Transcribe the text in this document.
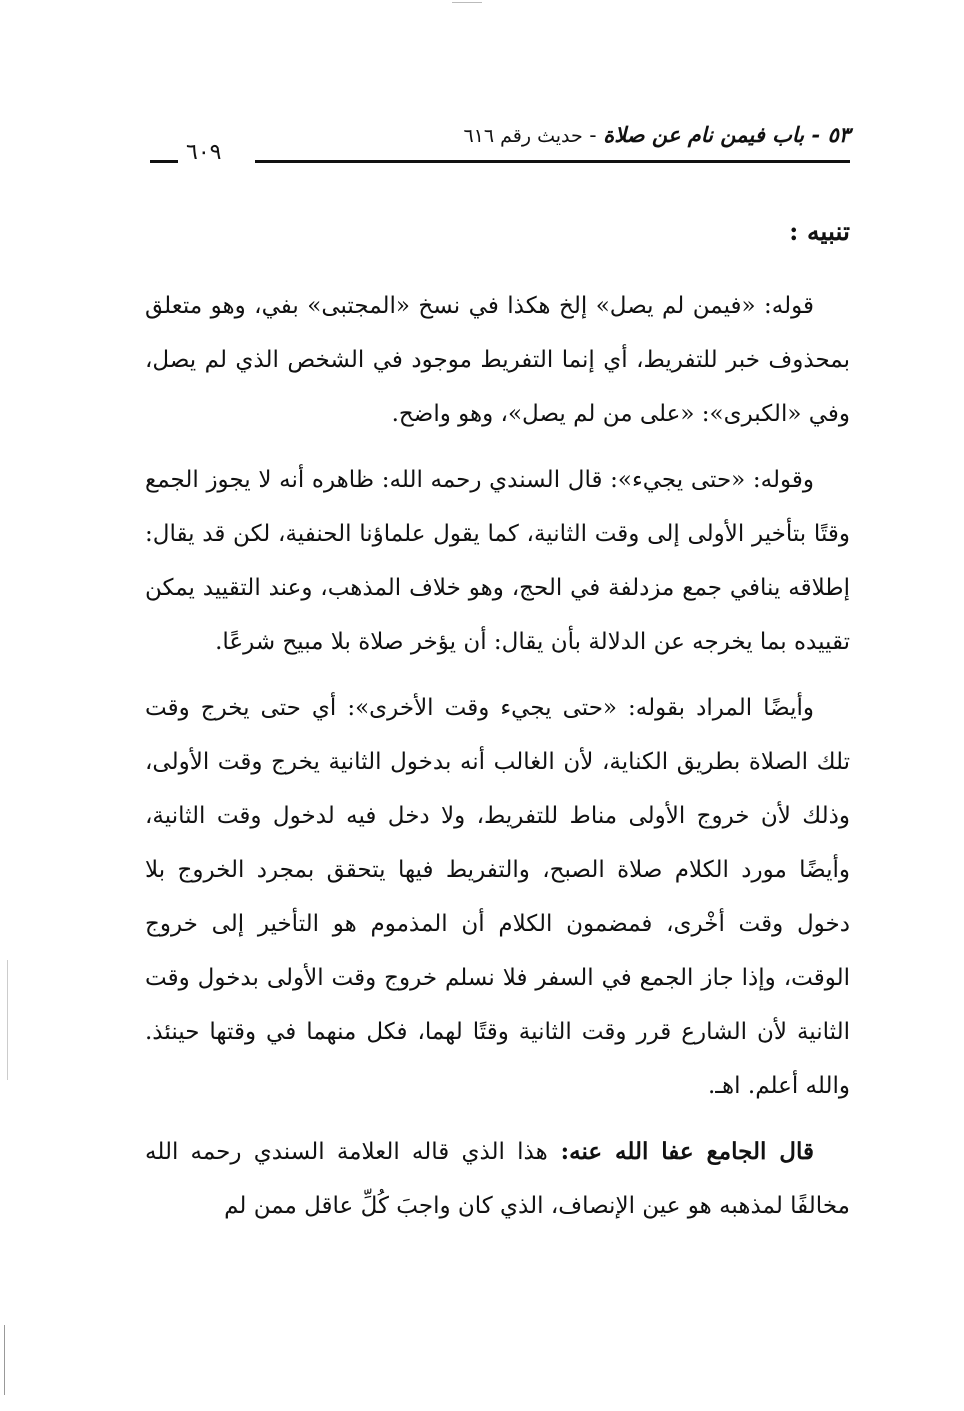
٥٣ - باب فيمن نام عن صلاة - حديث رقم ٦١٦
٦٠٩
تنبيه :

قوله: «فيمن لم يصل» إلخ هكذا في نسخ «المجتبى» بفي، وهو متعلق بمحذوف خبر للتفريط، أي إنما التفريط موجود في الشخص الذي لم يصل، وفي «الكبرى»: «على من لم يصل»، وهو واضح.

وقوله: «حتى يجيء»: قال السندي رحمه الله: ظاهره أنه لا يجوز الجمع وقتًا بتأخير الأولى إلى وقت الثانية، كما يقول علماؤنا الحنفية، لكن قد يقال: إطلاقه ينافي جمع مزدلفة في الحج، وهو خلاف المذهب، وعند التقييد يمكن تقييده بما يخرجه عن الدلالة بأن يقال: أن يؤخر صلاة بلا مبيح شرعًا.

وأيضًا المراد بقوله: «حتى يجيء وقت الأخرى»: أي حتى يخرج وقت تلك الصلاة بطريق الكناية، لأن الغالب أنه بدخول الثانية يخرج وقت الأولى، وذلك لأن خروج الأولى مناط للتفريط، ولا دخل فيه لدخول وقت الثانية، وأيضًا مورد الكلام صلاة الصبح، والتفريط فيها يتحقق بمجرد الخروج بلا دخول وقت أخْرى، فمضمون الكلام أن المذموم هو التأخير إلى خروج الوقت، وإذا جاز الجمع في السفر فلا نسلم خروج وقت الأولى بدخول وقت الثانية لأن الشارع قرر وقت الثانية وقتًا لهما، فكل منهما في وقتها حينئذ. والله أعلم. اهـ.

قال الجامع عفا الله عنه: هذا الذي قاله العلامة السندي رحمه الله مخالفًا لمذهبه هو عين الإنصاف، الذي كان واجبَ كُلِّ عاقل ممن لم
